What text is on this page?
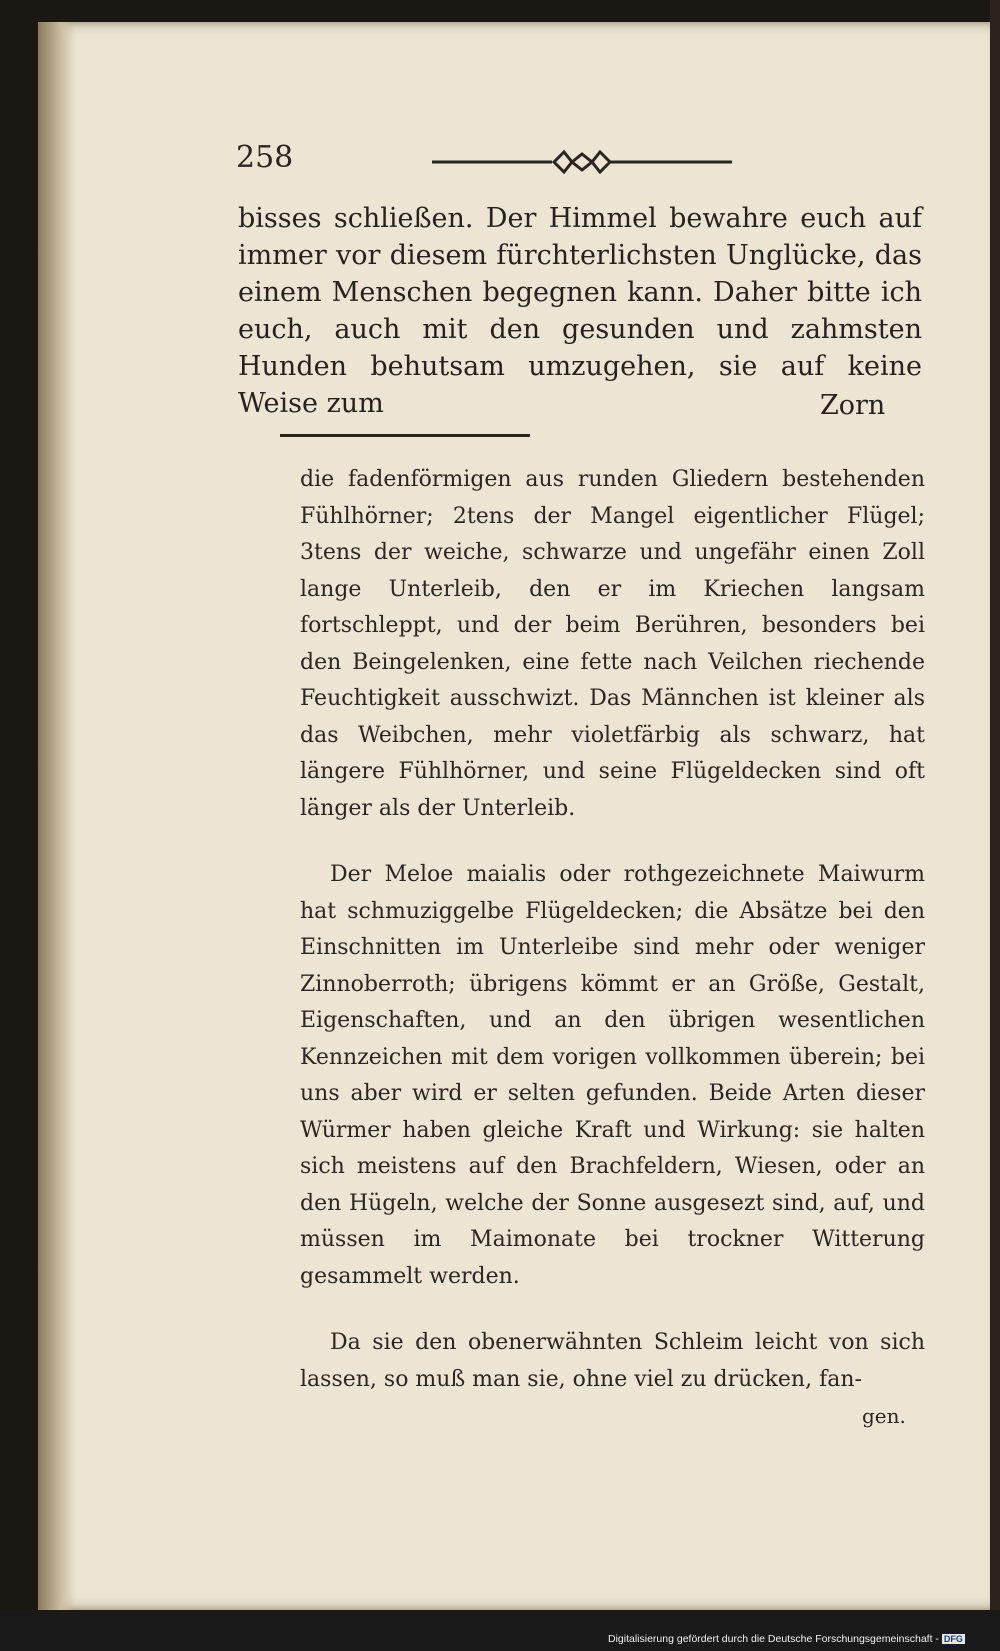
258

bisses schließen. Der Himmel bewahre euch auf immer vor diesem fürchterlichsten Unglücke, das einem Menschen begegnen kann. Daher bitte ich euch, auch mit den gesunden und zahmsten Hunden behutsam umzugehen, sie auf keine Weise zum	Zorn

die fadenförmigen aus runden Gliedern bestehenden Fühlhörner; 2tens der Mangel eigentlicher Flügel; 3tens der weiche, schwarze und ungefähr einen Zoll lange Unterleib, den er im Kriechen langsam fortschleppt, und der beim Berühren, besonders bei den Beingelenken, eine fette nach Veilchen riechende Feuchtigkeit ausschwizt. Das Männchen ist kleiner als das Weibchen, mehr violetfärbig als schwarz, hat längere Fühlhörner, und seine Flügeldecken sind oft länger als der Unterleib.

Der Meloe maialis oder rothgezeichnete Maiwurm hat schmuziggelbe Flügeldecken; die Absätze bei den Einschnitten im Unterleibe sind mehr oder weniger Zinnoberroth; übrigens kömmt er an Größe, Gestalt, Eigenschaften, und an den übrigen wesentlichen Kennzeichen mit dem vorigen vollkommen überein; bei uns aber wird er selten gefunden. Beide Arten dieser Würmer haben gleiche Kraft und Wirkung: sie halten sich meistens auf den Brachfeldern, Wiesen, oder an den Hügeln, welche der Sonne ausgesezt sind, auf, und müssen im Maimonate bei trockner Witterung gesammelt werden.

Da sie den obenerwähnten Schleim leicht von sich lassen, so muß man sie, ohne viel zu drücken, fan-

gen.
Digitalisierung gefördert durch die Deutsche Forschungsgemeinschaft - DFG
